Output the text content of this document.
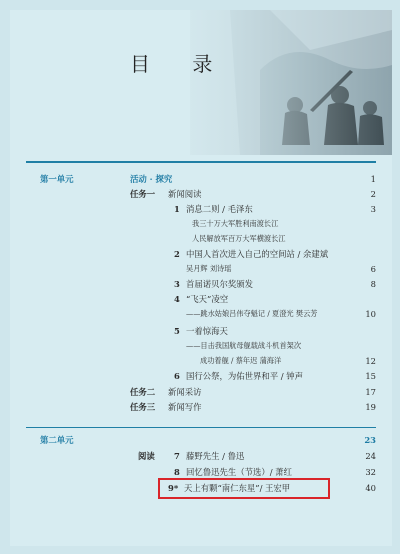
目 录
第一单元	活动 · 探究	1
任务一 新闻阅读	2
1 消息二则 / 毛泽东	3
我三十万大军胜利南渡长江
人民解放军百万大军横渡长江
2 中国人首次进入自己的空间站 / 余建斌
吴月辉 刘诗瑶	6
3 首届诺贝尔奖颁发	8
4 “飞天”凌空
——跳水姑娘吕伟夺魁记 / 夏澄光 樊云芳	10
5 一着惊海天
——目击我国航母舰载战斗机首架次
成功着舰 / 蔡年迟 蒲海洋	12
6 国行公祭，为佑世界和平 / 钟声	15
任务二 新闻采访	17
任务三 新闻写作	19
第二单元	23
阅读 7 藤野先生 / 鲁迅	24
8 回忆鲁迅先生（节选）/ 萧红	32
9* 天上有颗“南仁东星”/ 王宏甲	40
